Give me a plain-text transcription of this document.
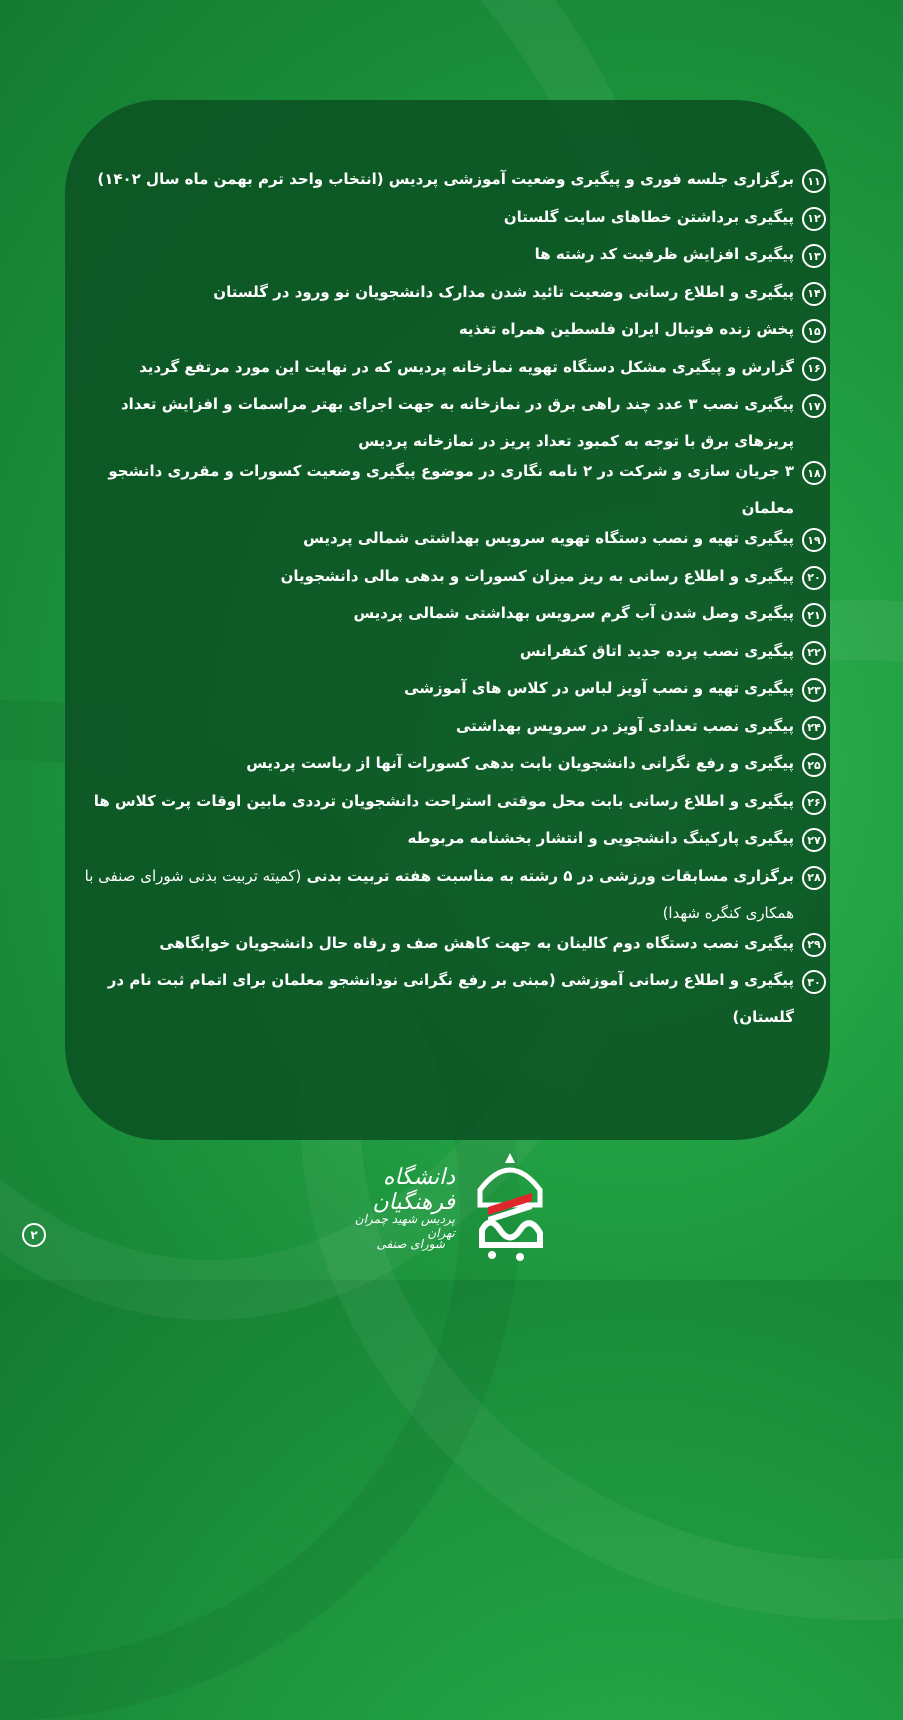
۱۱
برگزاری جلسه فوری و پیگیری وضعیت آموزشی پردیس (انتخاب واحد ترم بهمن ماه سال ۱۴۰۲)
۱۲
پیگیری برداشتن خطاهای سایت گلستان
۱۳
پیگیری افزایش ظرفیت کد رشته ها
۱۴
پیگیری و اطلاع رسانی وضعیت تائید شدن مدارک دانشجویان نو ورود در گلستان
۱۵
پخش زنده فوتبال ایران فلسطین همراه تغذیه
۱۶
گزارش و پیگیری مشکل دستگاه تهویه نمازخانه پردیس که در نهایت این مورد مرتفع گردید
۱۷
پیگیری نصب ۳ عدد چند راهی برق در نمازخانه به جهت اجرای بهتر مراسمات و افزایش تعداد پریزهای برق با توجه به کمبود تعداد پریز در نمازخانه پردیس
۱۸
۳ جریان سازی و شرکت در ۲ نامه نگاری در موضوع پیگیری وضعیت کسورات و مقرری دانشجو معلمان
۱۹
پیگیری تهیه و نصب دستگاه تهویه سرویس بهداشتی شمالی پردیس
۲۰
پیگیری و اطلاع رسانی به ریز میزان کسورات و بدهی مالی دانشجویان
۲۱
پیگیری وصل شدن آب گرم سرویس بهداشتی شمالی پردیس
۲۲
پیگیری نصب پرده جدید اتاق کنفرانس
۲۳
پیگیری تهیه و نصب آویز لباس در کلاس های آموزشی
۲۴
پیگیری نصب تعدادی آویز در سرویس بهداشتی
۲۵
پیگیری و رفع نگرانی دانشجویان بابت بدهی کسورات آنها از ریاست پردیس
۲۶
پیگیری و اطلاع رسانی بابت محل موقتی استراحت دانشجویان ترددی مابین اوقات پرت کلاس ها
۲۷
پیگیری پارکینگ دانشجویی و انتشار بخشنامه مربوطه
۲۸
برگزاری مسابقات ورزشی در ۵ رشته به مناسبت هفته تربیت بدنی (کمیته تربیت بدنی شورای صنفی با همکاری کنگره شهدا)
۲۹
پیگیری نصب دستگاه دوم کالینان به جهت کاهش صف و رفاه حال دانشجویان خوابگاهی
۳۰
پیگیری و اطلاع رسانی آموزشی (مبنی بر رفع نگرانی نودانشجو معلمان برای اتمام ثبت نام در گلستان)
دانشگاه فرهنگیان
پردیس شهید چمران تهران
شورای صنفی
۲
